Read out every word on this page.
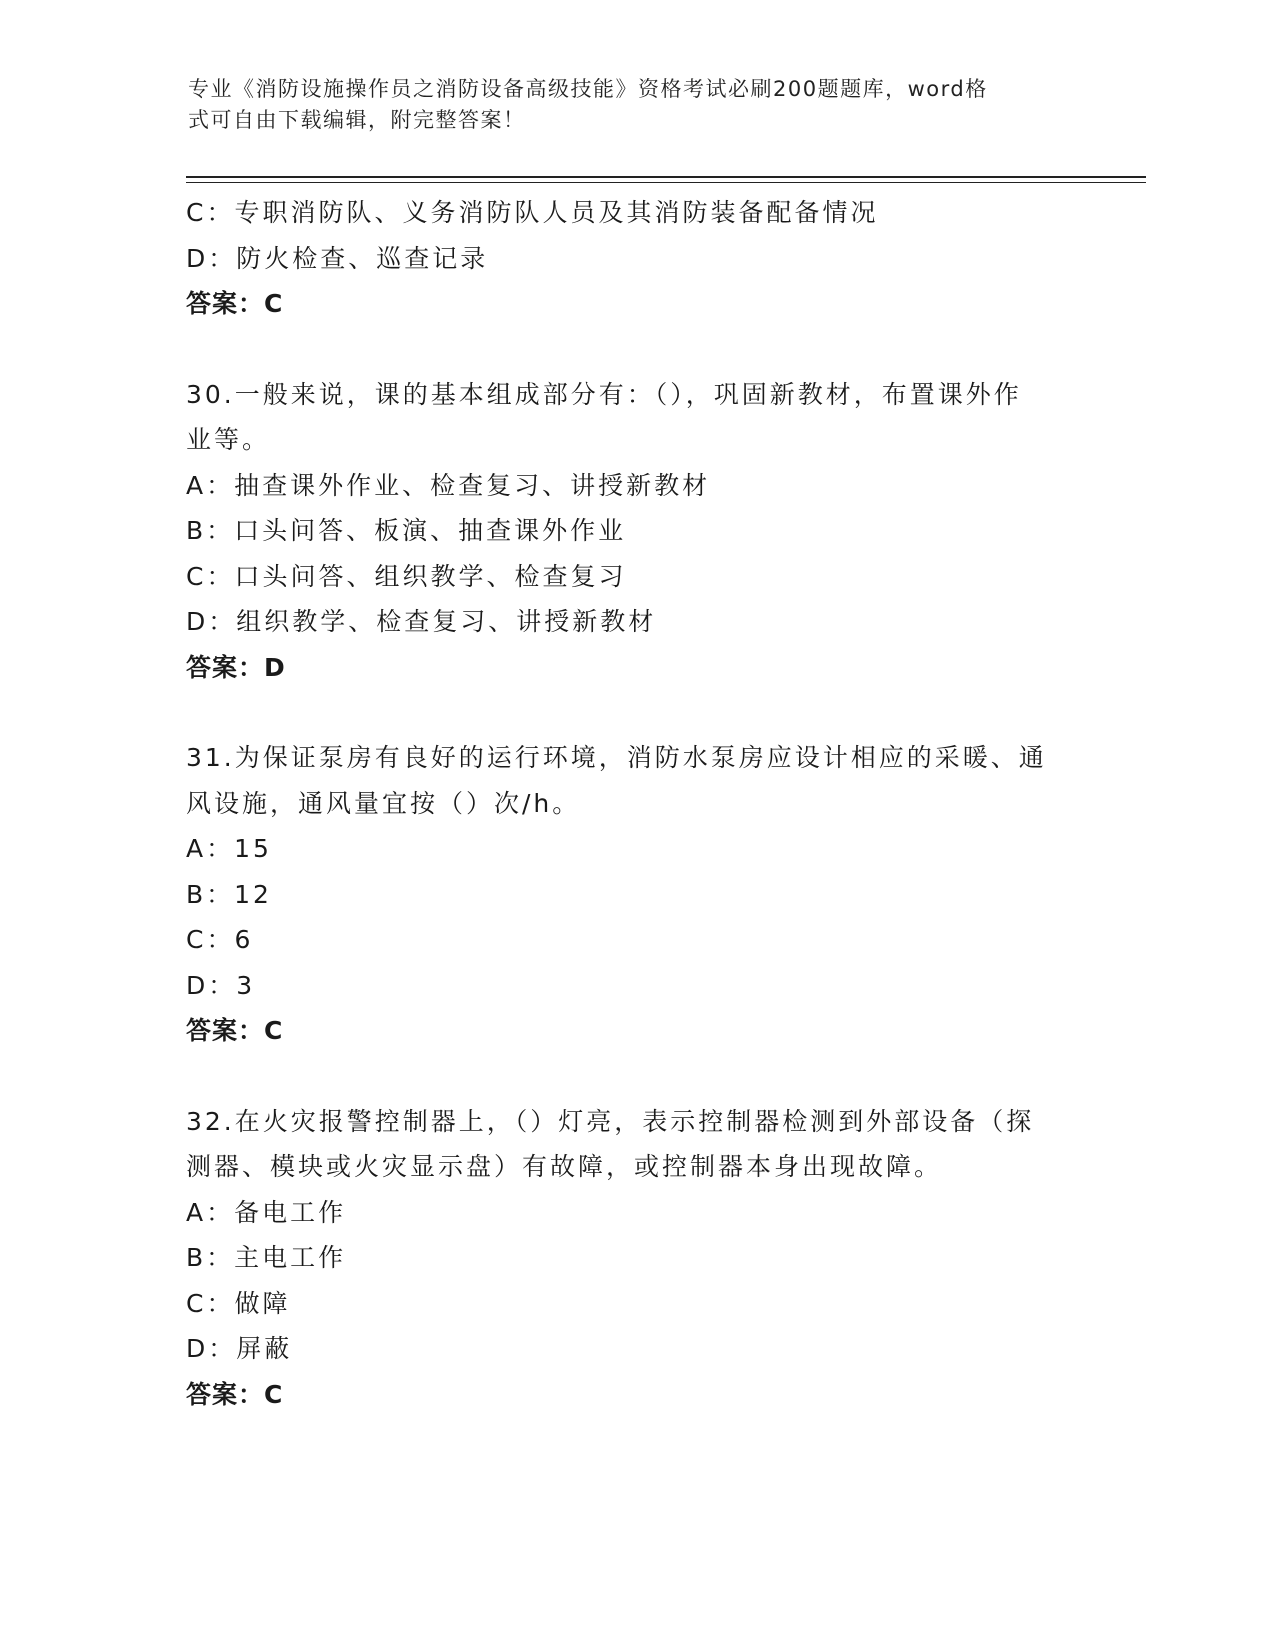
专业《消防设施操作员之消防设备高级技能》资格考试必刷200题题库，word格
式可自由下载编辑，附完整答案！
C：专职消防队、义务消防队人员及其消防装备配备情况
D：防火检查、巡查记录
答案：C
30.一般来说，课的基本组成部分有：（），巩固新教材，布置课外作
业等。
A：抽查课外作业、检查复习、讲授新教材
B：口头问答、板演、抽查课外作业
C：口头问答、组织教学、检查复习
D：组织教学、检查复习、讲授新教材
答案：D
31.为保证泵房有良好的运行环境，消防水泵房应设计相应的采暖、通
风设施，通风量宜按（）次/h。
A：15
B：12
C：6
D：3
答案：C
32.在火灾报警控制器上，（）灯亮，表示控制器检测到外部设备（探
测器、模块或火灾显示盘）有故障，或控制器本身出现故障。
A：备电工作
B：主电工作
C：做障
D：屏蔽
答案：C
